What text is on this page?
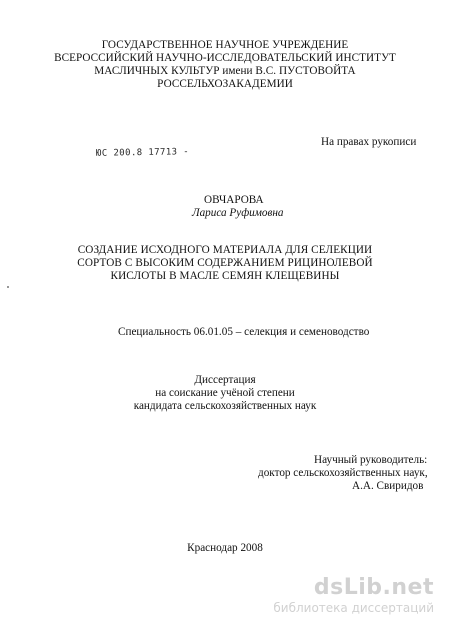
ГОСУДАРСТВЕННОЕ НАУЧНОЕ УЧРЕЖДЕНИЕ
ВСЕРОССИЙСКИЙ НАУЧНО-ИССЛЕДОВАТЕЛЬСКИЙ ИНСТИТУТ
МАСЛИЧНЫХ КУЛЬТУР имени В.С. ПУСТОВОЙТА
РОССЕЛЬХОЗАКАДЕМИИ
На правах рукописи
ЮС 200.8 17713 -
ОВЧАРОВА
Лариса Руфимовна
СОЗДАНИЕ ИСХОДНОГО МАТЕРИАЛА ДЛЯ СЕЛЕКЦИИ
СОРТОВ С ВЫСОКИМ СОДЕРЖАНИЕМ РИЦИНОЛЕВОЙ
КИСЛОТЫ В МАСЛЕ СЕМЯН КЛЕЩЕВИНЫ
Специальность 06.01.05 – селекция и семеноводство
Диссертация
на соискание учёной степени
кандидата сельскохозяйственных наук
Научный руководитель:
доктор сельскохозяйственных наук,
А.А. Свиридов
Краснодар 2008
dsLib.net
библиотека диссертаций
